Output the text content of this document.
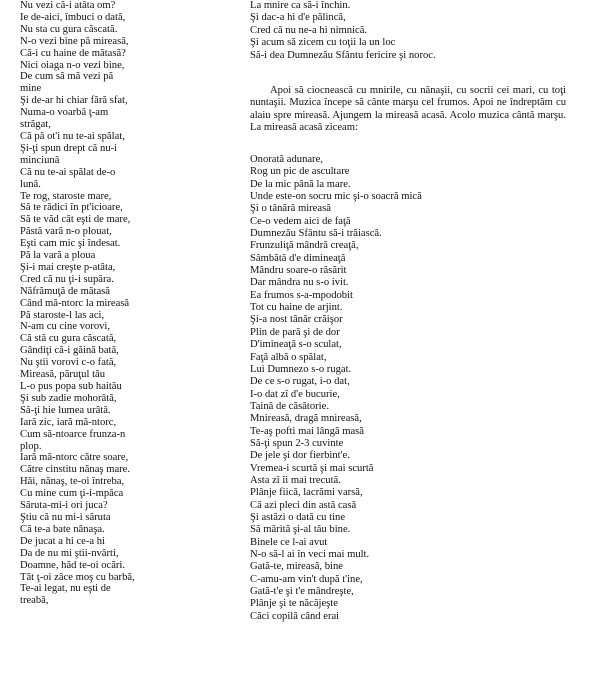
Nu vezi că-i atâta om?
Ie de-aici, îmbuci o dată,
Nu sta cu gura căscată.
N-o vezi bine pă mireasă,
Că-i cu haine de mătasă?
Nici oiaga n-o vezi bine,
De cum să mă vezi pă
mine
Şi de-ar hi chiar fără sfat,
Numa-o voarbă ţ-am
străgat,
Că pă ot'i nu te-ai spălat,
Şi-ţi spun drept că nu-i
minciună
Că nu te-ai spălat de-o
lună.
Te rog, staroste mare,
Să te rădici în pt'icioare,
Să te văd cât eşti de mare,
Păstă vară n-o plouat,
Eşti cam mic şi îndesat.
Pă la vară a ploua
Şi-i mai creşte p-atâta,
Cred că nu ţi-i supăra.
Năfrămuţă de mătasă
Când mă-ntorc la mireasă
Pă staroste-l las aci,
N-am cu cine vorovi,
Că stă cu gura căscată,
Gândiţi că-i găină bată,
Nu ştii vorovi c-o fată,
Mireasă, păruţul tău
L-o pus popa sub haitău
Şi sub zadie mohorâtă,
Să-ţi hie lumea urâtă.
Iară zic, iară mă-ntorc,
Cum să-ntoarce frunza-n
plop.
Iară mă-ntorc către soare,
Către cinstitu nănaş mare.
Hăi, nănaş, te-oi întreba,
Cu mine cum ţi-i-mpăca
Săruta-mi-i ori juca?
Ştiu că nu mi-i săruta
Că te-a bate nănaşa.
De jucat a hi ce-a hi
Da de nu mi ştii-nvârti,
Doamne, hăd te-oi ocări.
Tăt ţ-oi zâce moş cu barbă,
Te-ai legat, nu eşti de
treabă,
La mnire ca să-i închin.
Şi dac-a hi d'e pălincă,
Cred că nu ne-a hi nimnică.
Şi acum să zicem cu toţii la un loc
Să-i dea Dumnezău Sfântu fericire şi noroc.

Apoi să ciocnească cu mnirile, cu nănaşii, cu socrii cei mari, cu toţi nuntaşii. Muzica începe să cânte marşu cel frumos. Apoi ne îndreptăm cu alaiu spre mireasă. Ajungem la mireasă acasă. Acolo muzica cântă marşu. La mireasă acasă ziceam:

Onorată adunare,
Rog un pic de ascultare
De la mic până la mare.
Unde este-on socru mic şi-o soacră mică
Şi o tânără mireasă
Ce-o vedem aici de faţă
Dumnezău Sfântu să-i trăiască.
Frunzuliţă mândră creaţă,
Sâmbătă d'e dimineaţă
Mândru soare-o răsărit
Dar mândra nu s-o ivit.
Ea frumos s-a-mpodobit
Tot cu haine de arjint.
Şi-a nost tânăr crăişor
Plin de pară şi de dor
D'imineaţă s-o sculat,
Faţă albă o spălat,
Lui Dumnezo s-o rugat.
De ce s-o rugat, i-o dat,
I-o dat zî d'e bucurie,
Taină de căsătorie.
Mnireasă, dragă mnireasă,
Te-aş pofti mai lângă masă
Să-ţi spun 2-3 cuvinte
De jele şi dor fierbint'e.
Vremea-i scurtă şi mai scurtă
Asta zî îi mai trecută.
Plânje fiică, lacrămi varsă,
Că azi pleci din astă casă
Şi astăzi o dată cu tine
Să mărită şi-al tău bine.
Binele ce l-ai avut
N-o să-l ai în veci mai mult.
Gată-te, mireasă, bine
C-amu-am vin't după t'ine,
Gată-t'e şi t'e mândreşte,
Plânje şi te năcăjeşte
Căci copilă când erai
